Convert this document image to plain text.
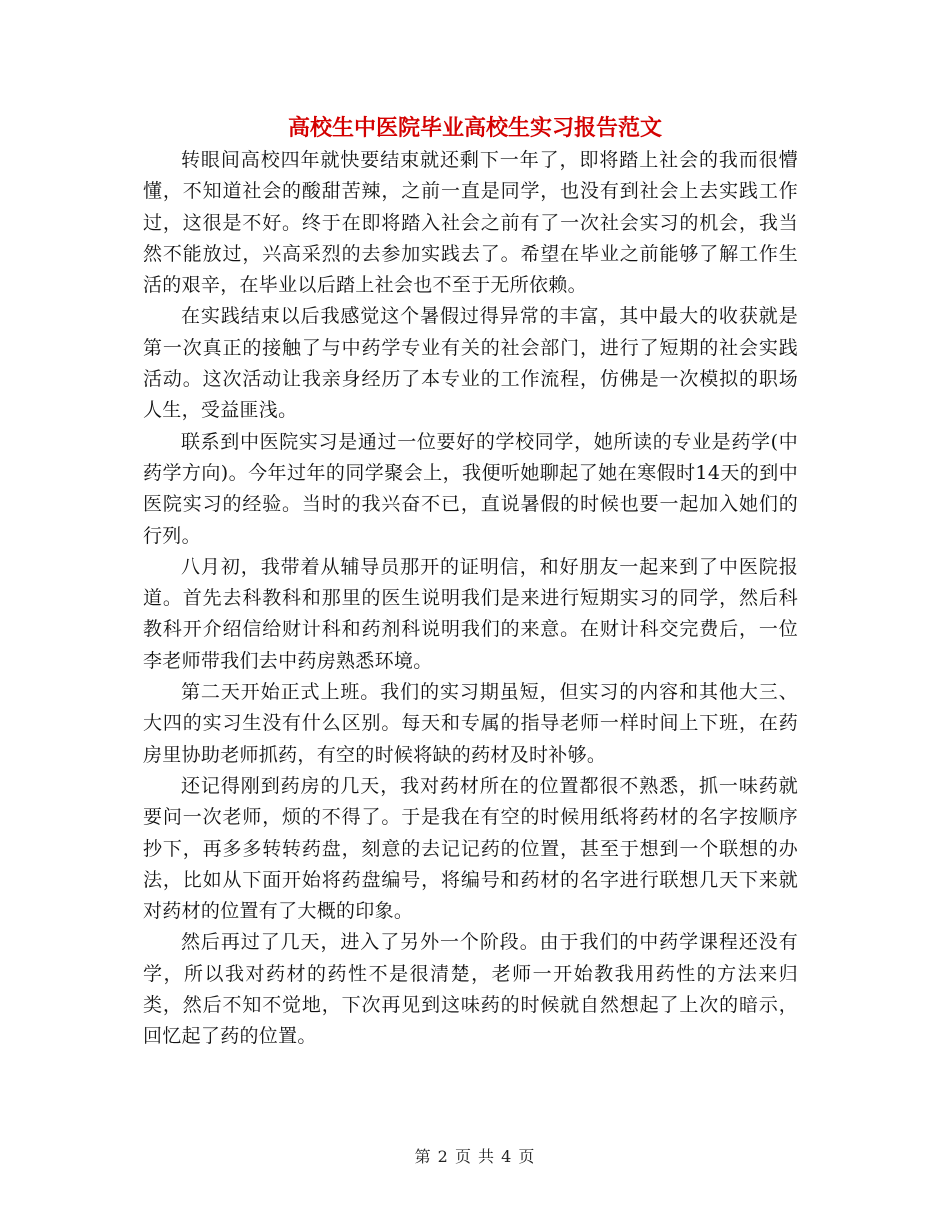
高校生中医院毕业高校生实习报告范文

转眼间高校四年就快要结束就还剩下一年了，即将踏上社会的我而很懵懂，不知道社会的酸甜苦辣，之前一直是同学，也没有到社会上去实践工作过，这很是不好。终于在即将踏入社会之前有了一次社会实习的机会，我当然不能放过，兴高采烈的去参加实践去了。希望在毕业之前能够了解工作生活的艰辛，在毕业以后踏上社会也不至于无所依赖。

在实践结束以后我感觉这个暑假过得异常的丰富，其中最大的收获就是第一次真正的接触了与中药学专业有关的社会部门，进行了短期的社会实践活动。这次活动让我亲身经历了本专业的工作流程，仿佛是一次模拟的职场人生，受益匪浅。

联系到中医院实习是通过一位要好的学校同学，她所读的专业是药学(中药学方向)。今年过年的同学聚会上，我便听她聊起了她在寒假时14天的到中医院实习的经验。当时的我兴奋不已，直说暑假的时候也要一起加入她们的行列。

八月初，我带着从辅导员那开的证明信，和好朋友一起来到了中医院报道。首先去科教科和那里的医生说明我们是来进行短期实习的同学，然后科教科开介绍信给财计科和药剂科说明我们的来意。在财计科交完费后，一位李老师带我们去中药房熟悉环境。

第二天开始正式上班。我们的实习期虽短，但实习的内容和其他大三、大四的实习生没有什么区别。每天和专属的指导老师一样时间上下班，在药房里协助老师抓药，有空的时候将缺的药材及时补够。

还记得刚到药房的几天，我对药材所在的位置都很不熟悉，抓一味药就要问一次老师，烦的不得了。于是我在有空的时候用纸将药材的名字按顺序抄下，再多多转转药盘，刻意的去记记药的位置，甚至于想到一个联想的办法，比如从下面开始将药盘编号，将编号和药材的名字进行联想几天下来就对药材的位置有了大概的印象。

然后再过了几天，进入了另外一个阶段。由于我们的中药学课程还没有学，所以我对药材的药性不是很清楚，老师一开始教我用药性的方法来归类，然后不知不觉地，下次再见到这味药的时候就自然想起了上次的暗示，回忆起了药的位置。

第 2 页 共 4 页
